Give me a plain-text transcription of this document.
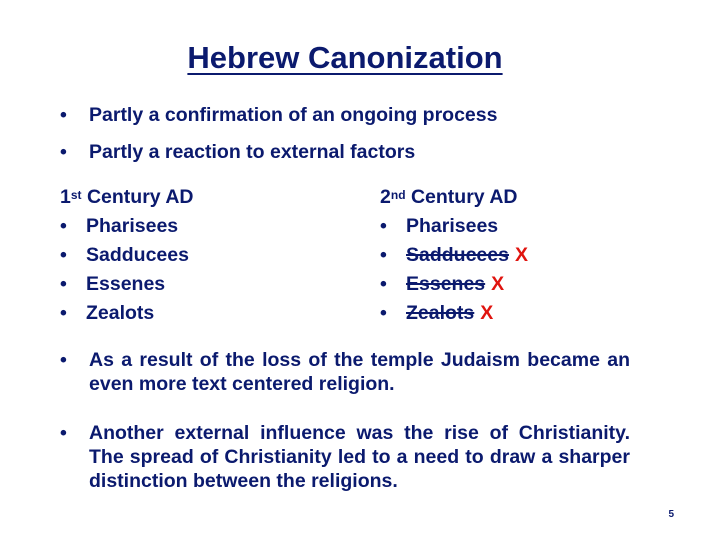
Hebrew Canonization
• Partly a confirmation of an ongoing process
• Partly a reaction to external factors
1st Century AD
• Pharisees
• Sadducees
• Essenes
• Zealots
2nd Century AD
• Pharisees
• Sadducees X
• Essenes X
• Zealots X
• As a result of the loss of the temple Judaism became an even more text centered religion.
• Another external influence was the rise of Christianity. The spread of Christianity led to a need to draw a sharper distinction between the religions.
5
